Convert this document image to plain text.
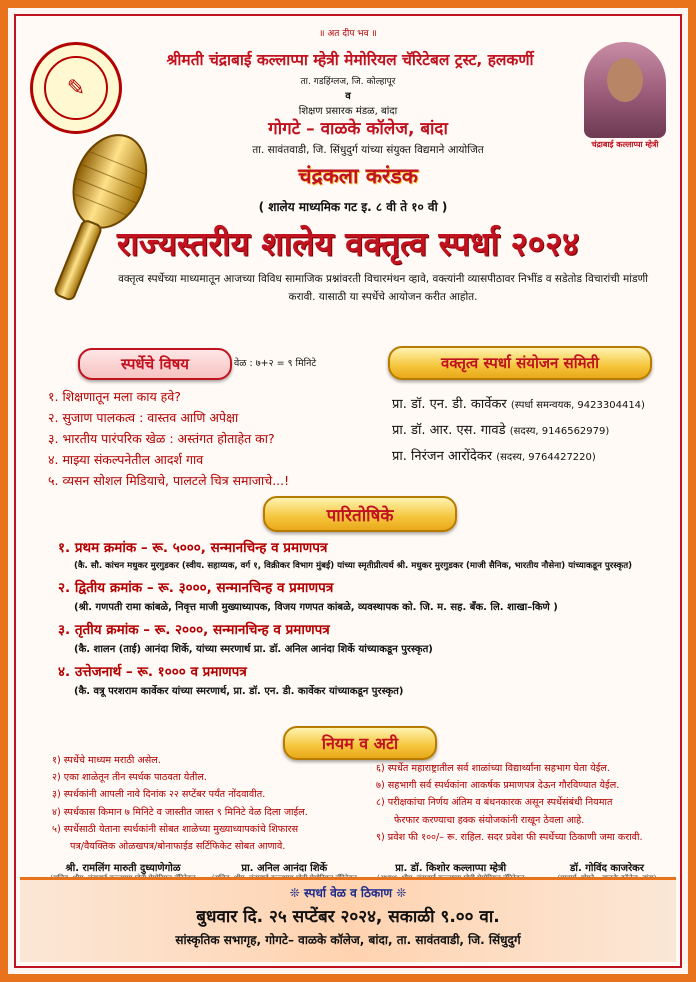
॥ अत दीप भव ॥
✎
चंद्राबाई कल्लाप्पा म्हेत्री
श्रीमती चंद्राबाई कल्लाप्पा म्हेत्री मेमोरियल चॅरिटेबल ट्रस्ट, हलकर्णी
ता. गडहिंग्लज, जि. कोल्हापूर
व
शिक्षण प्रसारक मंडळ, बांदा
गोगटे – वाळके कॉलेज, बांदा
ता. सावंतवाडी, जि. सिंधुदुर्ग यांच्या संयुक्त विद्यमाने आयोजित
चंद्रकला करंडक
( शालेय माध्यमिक गट इ. ८ वी ते १० वी )
राज्यस्तरीय शालेय वक्तृत्व स्पर्धा २०२४
वक्तृत्व स्पर्धेच्या माध्यमातून आजच्या विविध सामाजिक प्रश्नांवरती विचारमंथन व्हावे, वक्त्यांनी व्यासपीठावर निभींड व सडेतोड विचारांची मांडणी करावी. यासाठी या स्पर्धेचे आयोजन करीत आहोत.
स्पर्धेचे विषय	वेळ : ७+२ = ९ मिनिटे
१. शिक्षणातून मला काय हवे?
२. सुजाण पालकत्व : वास्तव आणि अपेक्षा
३. भारतीय पारंपरिक खेळ : अस्तंगत होताहेत का?
४. माझ्या संकल्पनेतील आदर्श गाव
५. व्यसन सोशल मिडियाचे, पालटले चित्र समाजाचे...!
वक्तृत्व स्पर्धा संयोजन समिती
प्रा. डॉ. एन. डी. कार्वेकर (स्पर्धा समन्वयक, 9423304414)
प्रा. डॉ. आर. एस. गावडे (सदस्य, 9146562979)
प्रा. निरंजन आरोंदेकर (सदस्य, 9764427220)
पारितोषिके
१. प्रथम क्रमांक – रू. ५०००, सन्मानचिन्ह व प्रमाणपत्र
(कै. सौ. कांचन मधुकर मुरगुडकर (स्वीय. सहाय्यक, वर्ग १, विक्रीकर विभाग मुंबई) यांच्या स्मृतीप्रीत्यर्थ श्री. मधुकर मुरगुडकर (माजी सैनिक, भारतीय नौसेना) यांच्याकडून पुरस्कृत)
२. द्वितीय क्रमांक – रू. ३०००, सन्मानचिन्ह व प्रमाणपत्र
(श्री. गणपती रामा कांबळे, निवृत्त माजी मुख्याध्यापक, विजय गणपत कांबळे, व्यवस्थापक को. जि. म. सह. बँक. लि. शाखा–किणे )
३. तृतीय क्रमांक – रू. २०००, सन्मानचिन्ह व प्रमाणपत्र
(कै. शालन (ताई) आनंदा शिर्के, यांच्या स्मरणार्थ प्रा. डॉ. अनिल आनंदा शिर्के यांच्याकडून पुरस्कृत)
४. उत्तेजनार्थ – रू. १००० व प्रमाणपत्र
(कै. वत्रू परशराम कार्वेकर यांच्या स्मरणार्थ, प्रा. डॉ. एन. डी. कार्वेकर यांच्याकडून पुरस्कृत)
नियम व अटी
१) स्पर्धेचे माध्यम मराठी असेल.
२) एका शाळेतून तीन स्पर्धक पाठवता येतील.
३) स्पर्धकांनी आपली नावे दिनांक २२ सप्टेंबर पर्यंत नोंदवावीत.
४) स्पर्धकास किमान ७ मिनिटे व जास्तीत जास्त ९ मिनिटे वेळ दिला जाईल.
५) स्पर्धेसाठी येताना स्पर्धकांनी सोबत शाळेच्या मुख्याध्यापकांचे शिफारस
पत्र/वैयक्तिक ओळखपत्र/बोनाफाईड सर्टिफिकेट सोबत आणावे.
६) स्पर्धेत महाराष्ट्रातील सर्व शाळांच्या विद्यार्थ्यांना सहभाग घेता येईल.
७) सहभागी सर्व स्पर्धकांना आकर्षक प्रमाणपत्र देऊन गौरविण्यात येईल.
८) परीक्षकांचा निर्णय अंतिम व बंधनकारक असून स्पर्धेसंबंधी नियमात
फेरफार करण्याचा हक्क संयोजकांनी राखून ठेवला आहे.
९) प्रवेश फी १००/– रू. राहिल. सदर प्रवेश फी स्पर्धेच्या ठिकाणी जमा करावी.
श्री. रामलिंग मारुती दुध्याणेगोळ	प्रा. अनिल आनंदा शिर्के	प्रा. डॉ. किशोर कल्लाप्पा म्हेत्री	डॉ. गोविंद काजरेकर
❊ स्पर्धा वेळ व ठिकाण ❊
बुधवार दि. २५ सप्टेंबर २०२४, सकाळी ९.०० वा.
सांस्कृतिक सभागृह, गोगटे– वाळके कॉलेज, बांदा, ता. सावंतवाडी, जि. सिंधुदुर्ग
